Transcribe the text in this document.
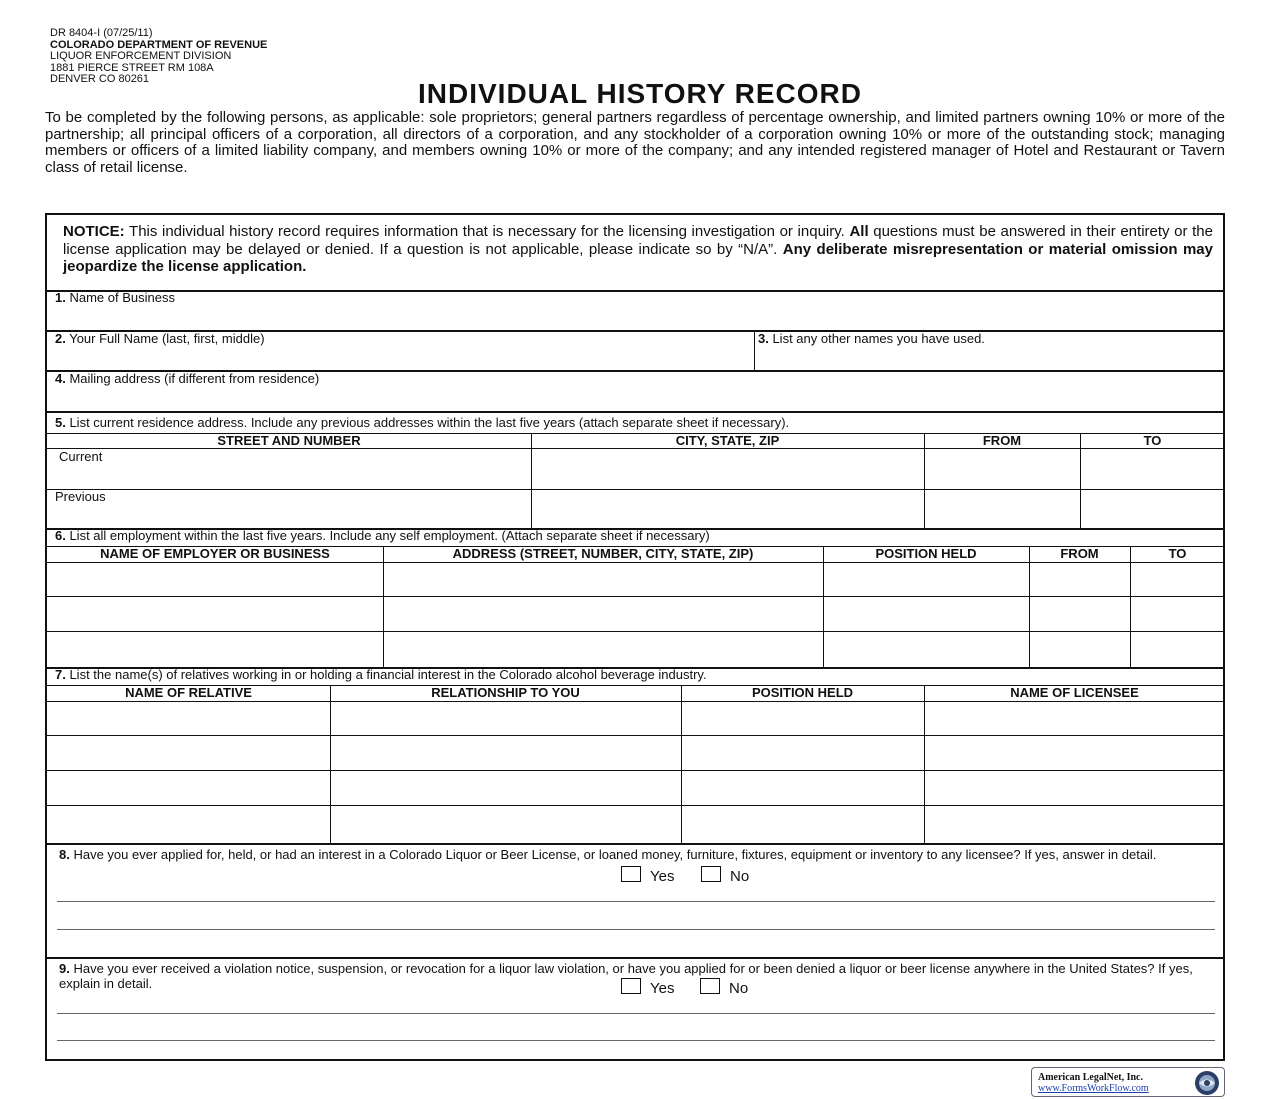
DR 8404-I (07/25/11)
COLORADO DEPARTMENT OF REVENUE
LIQUOR ENFORCEMENT DIVISION
1881 PIERCE STREET RM 108A
DENVER CO 80261	INDIVIDUAL HISTORY RECORD
To be completed by the following persons, as applicable: sole proprietors; general partners regardless of percentage ownership, and limited partners owning 10% or more of the partnership; all principal officers of a corporation, all directors of a corporation, and any stockholder of a corporation owning 10% or more of the outstanding stock; managing members or officers of a limited liability company, and members owning 10% or more of the company; and any intended registered manager of Hotel and Restaurant or Tavern class of retail license.
NOTICE: This individual history record requires information that is necessary for the licensing investigation or inquiry. All questions must be answered in their entirety or the license application may be delayed or denied. If a question is not applicable, please indicate so by “N/A”. Any deliberate misrepresentation or material omission may jeopardize the license application.
1. Name of Business
2. Your Full Name (last, first, middle)	3. List any other names you have used.
4. Mailing address (if different from residence)
5. List current residence address. Include any previous addresses within the last five years (attach separate sheet if necessary).
STREET AND NUMBER	CITY, STATE, ZIP	FROM	TO
Current
Previous
6. List all employment within the last five years. Include any self employment. (Attach separate sheet if necessary)
NAME OF EMPLOYER OR BUSINESS	ADDRESS (STREET, NUMBER, CITY, STATE, ZIP)	POSITION HELD	FROM	TO
7. List the name(s) of relatives working in or holding a financial interest in the Colorado alcohol beverage industry.
NAME OF RELATIVE	RELATIONSHIP TO YOU	POSITION HELD	NAME OF LICENSEE
8. Have you ever applied for, held, or had an interest in a Colorado Liquor or Beer License, or loaned money, furniture, fixtures, equipment or inventory to any licensee? If yes, answer in detail.
Yes	No
9. Have you ever received a violation notice, suspension, or revocation for a liquor law violation, or have you applied for or been denied a liquor or beer license anywhere in the United States? If yes, explain in detail.	Yes	No
American LegalNet, Inc.
www.FormsWorkFlow.com
